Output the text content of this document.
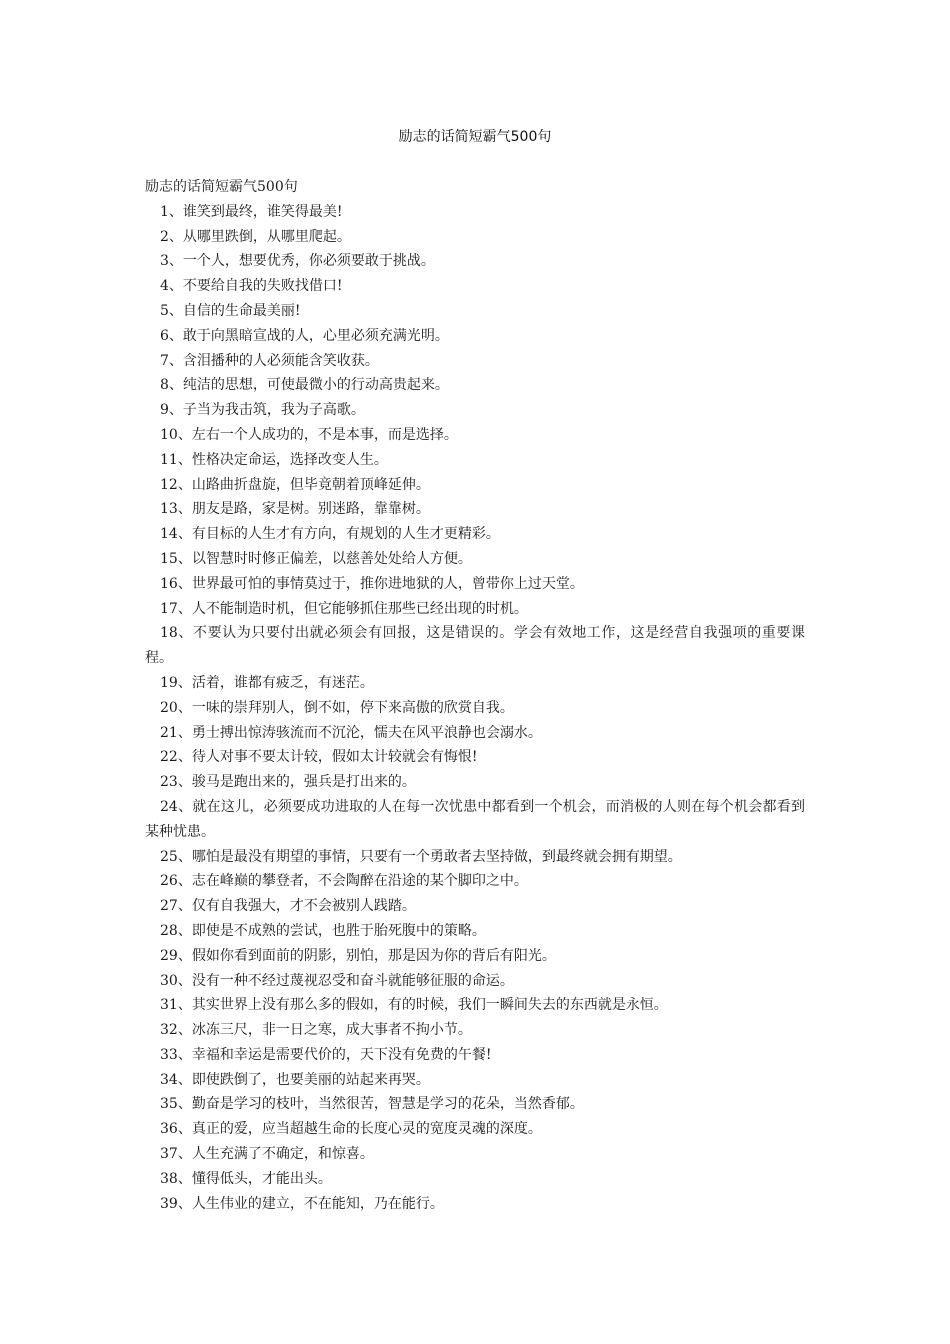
励志的话简短霸气500句

励志的话简短霸气500句

1、谁笑到最终，谁笑得最美!
2、从哪里跌倒，从哪里爬起。
3、一个人，想要优秀，你必须要敢于挑战。
4、不要给自我的失败找借口!
5、自信的生命最美丽!
6、敢于向黑暗宣战的人，心里必须充满光明。
7、含泪播种的人必须能含笑收获。
8、纯洁的思想，可使最微小的行动高贵起来。
9、子当为我击筑，我为子高歌。
10、左右一个人成功的，不是本事，而是选择。
11、性格决定命运，选择改变人生。
12、山路曲折盘旋，但毕竟朝着顶峰延伸。
13、朋友是路，家是树。别迷路，靠靠树。
14、有目标的人生才有方向，有规划的人生才更精彩。
15、以智慧时时修正偏差，以慈善处处给人方便。
16、世界最可怕的事情莫过于，推你进地狱的人，曾带你上过天堂。
17、人不能制造时机，但它能够抓住那些已经出现的时机。
18、不要认为只要付出就必须会有回报，这是错误的。学会有效地工作，这是经营自我强项的重要课程。
19、活着，谁都有疲乏，有迷茫。
20、一味的崇拜别人，倒不如，停下来高傲的欣赏自我。
21、勇士搏出惊涛骇流而不沉沦，懦夫在风平浪静也会溺水。
22、待人对事不要太计较，假如太计较就会有悔恨!
23、骏马是跑出来的，强兵是打出来的。
24、就在这儿，必须要成功进取的人在每一次忧患中都看到一个机会，而消极的人则在每个机会都看到某种忧患。
25、哪怕是最没有期望的事情，只要有一个勇敢者去坚持做，到最终就会拥有期望。
26、志在峰巅的攀登者，不会陶醉在沿途的某个脚印之中。
27、仅有自我强大，才不会被别人践踏。
28、即使是不成熟的尝试，也胜于胎死腹中的策略。
29、假如你看到面前的阴影，别怕，那是因为你的背后有阳光。
30、没有一种不经过蔑视忍受和奋斗就能够征服的命运。
31、其实世界上没有那么多的假如，有的时候，我们一瞬间失去的东西就是永恒。
32、冰冻三尺，非一日之寒，成大事者不拘小节。
33、幸福和幸运是需要代价的，天下没有免费的午餐!
34、即使跌倒了，也要美丽的站起来再哭。
35、勤奋是学习的枝叶，当然很苦，智慧是学习的花朵，当然香郁。
36、真正的爱，应当超越生命的长度心灵的宽度灵魂的深度。
37、人生充满了不确定，和惊喜。
38、懂得低头，才能出头。
39、人生伟业的建立，不在能知，乃在能行。
